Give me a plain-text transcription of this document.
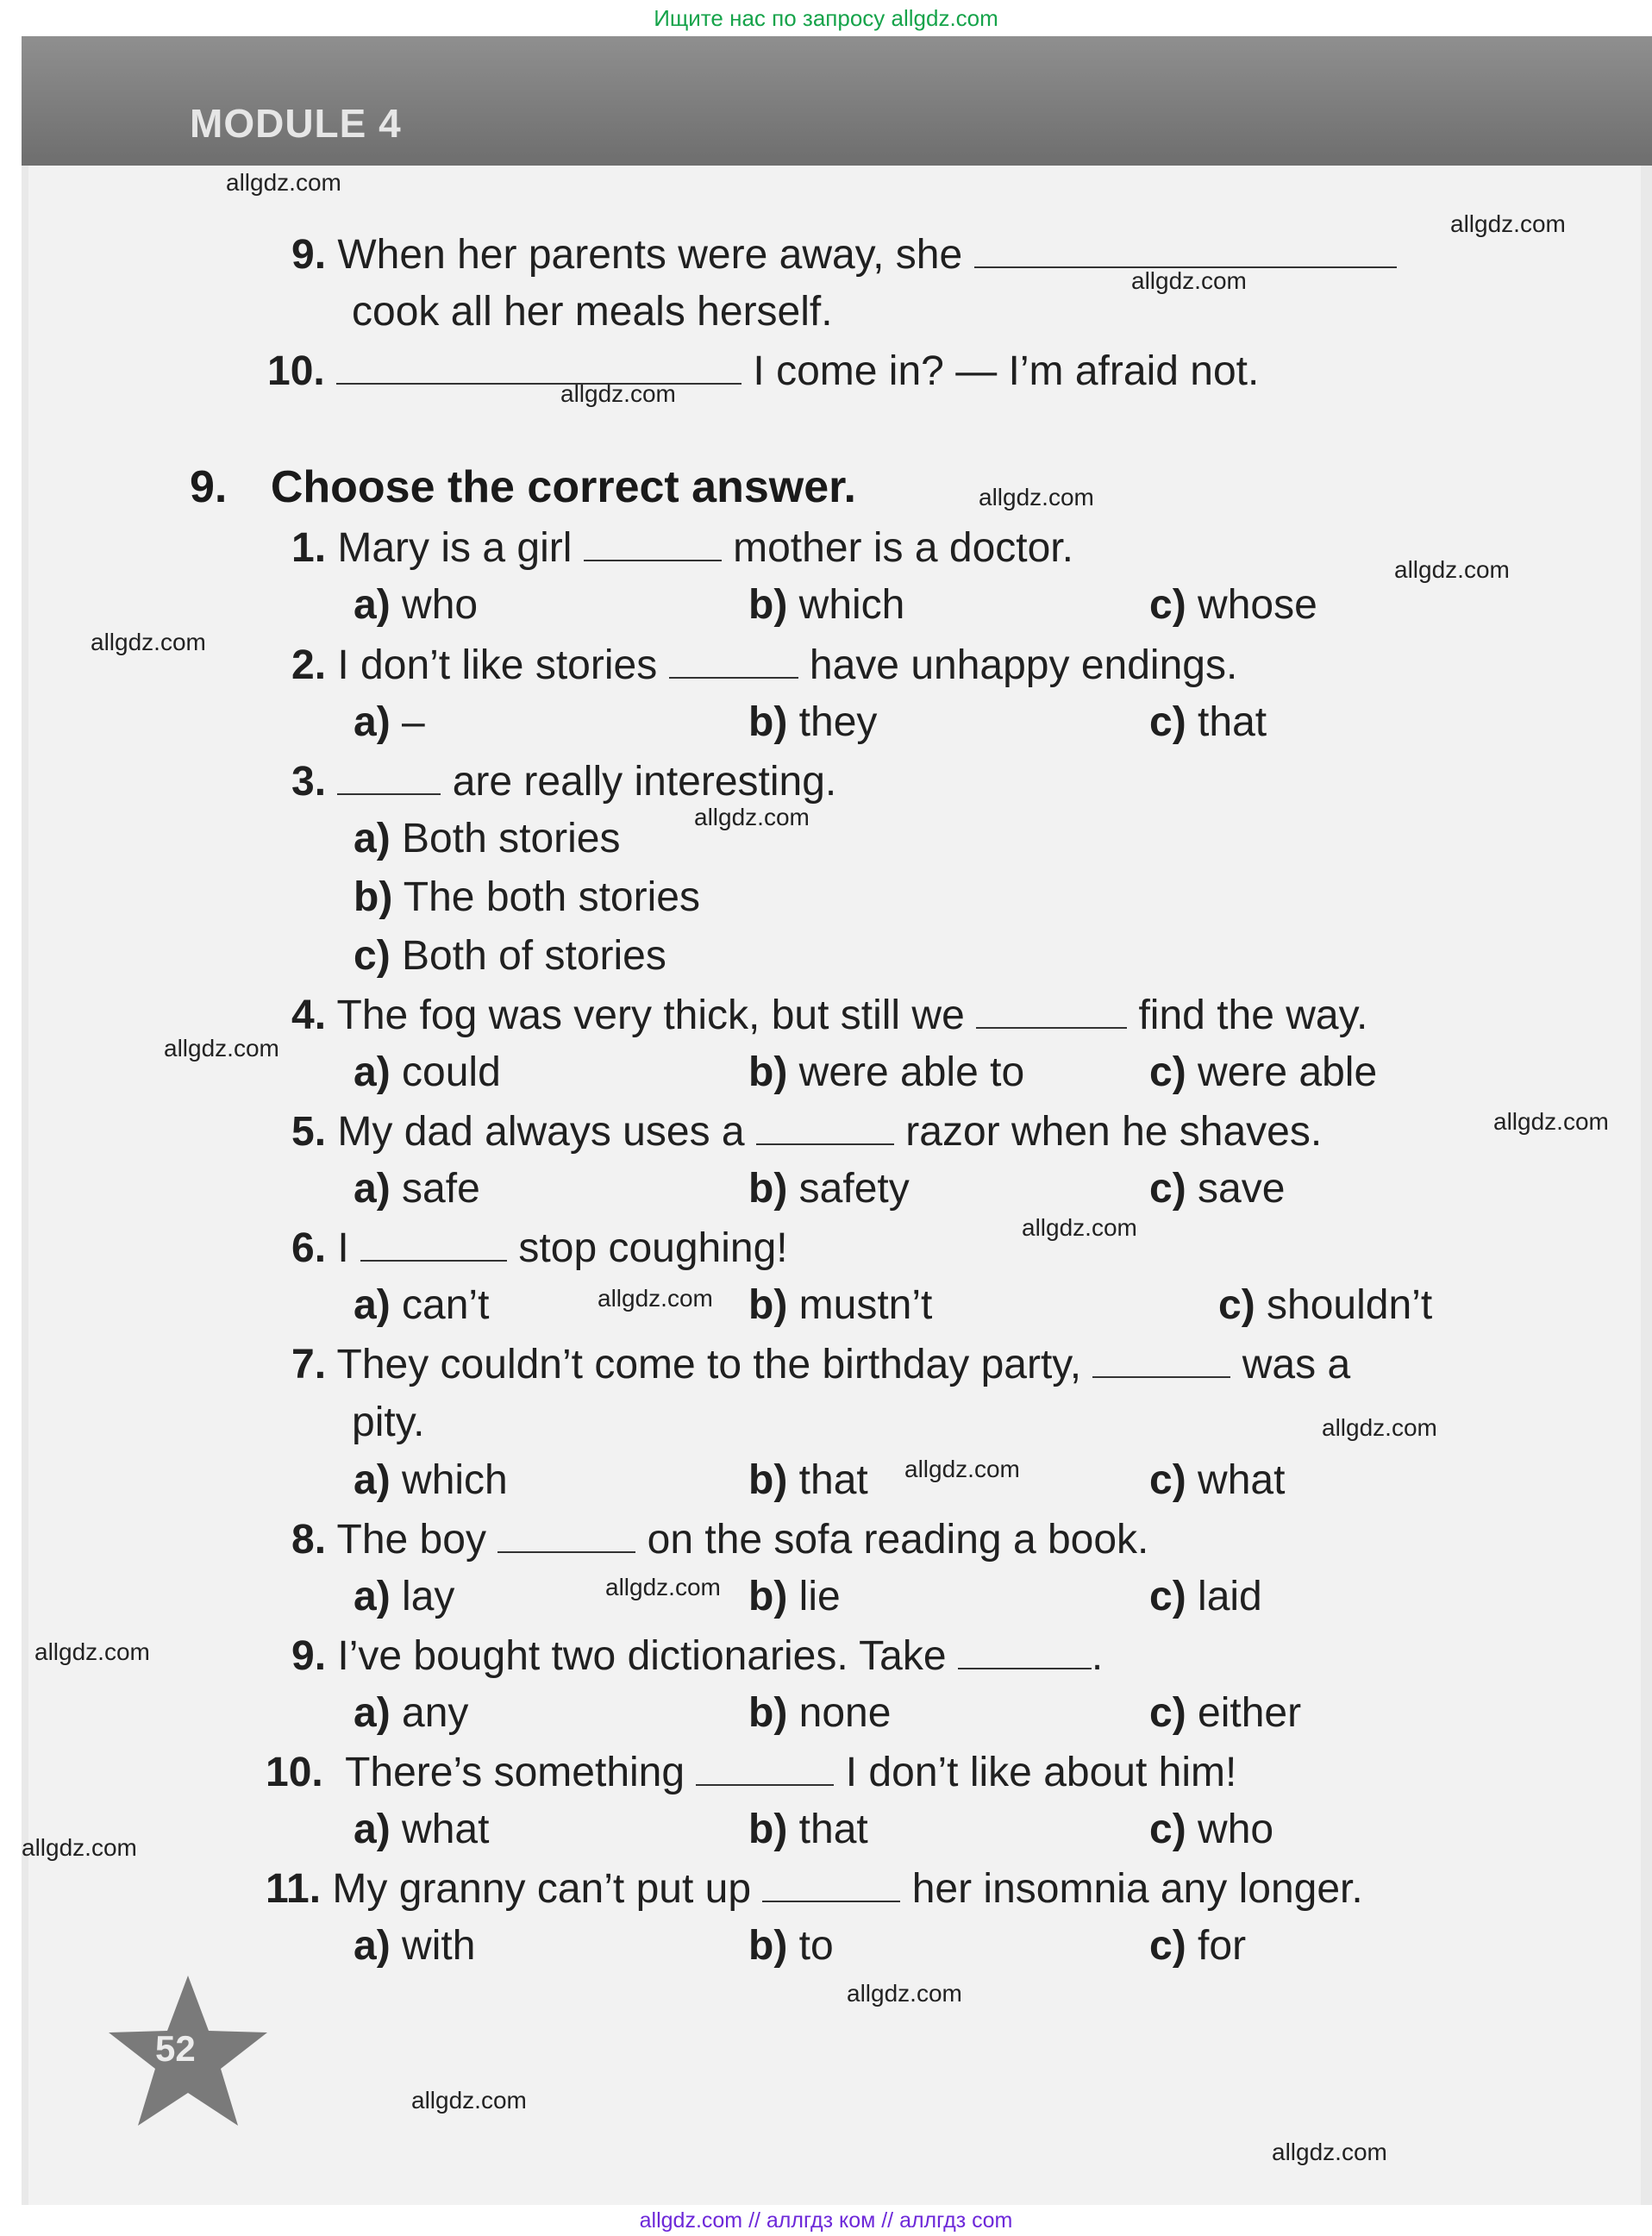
Ищите нас по запросу allgdz.com
MODULE 4

9. When her parents were away, she
cook all her meals herself.
10.	I come in? — I’m afraid not.
9. Choose the correct answer.
1. Mary is a girl	mother is a doctor.
a) who	b) which	c) whose
2. I don’t like stories	have unhappy endings.
a) –	b) they	c) that
3.	are really interesting.
a) Both stories
b) The both stories
c) Both of stories
4. The fog was very thick, but still we	find the way.
a) could	b) were able to	c) were able
5. My dad always uses a	razor when he shaves.
a) safe	b) safety	c) save
6. I	stop coughing!
a) can’t	b) mustn’t	c) shouldn’t
7. They couldn’t come to the birthday party,	was a
pity.
a) which	b) that	c) what
8. The boy	on the sofa reading a book.
a) lay	b) lie	c) laid
9. I’ve bought two dictionaries. Take	.
a) any	b) none	c) either
10. There’s something	I don’t like about him!
a) what	b) that	c) who
11. My granny can’t put up	her insomnia any longer.
a) with	b) to	c) for
52
allgdz.com
allgdz.com
allgdz.com
allgdz.com
allgdz.com
allgdz.com
allgdz.com
allgdz.com
allgdz.com
allgdz.com
allgdz.com
allgdz.com
allgdz.com
allgdz.com
allgdz.com
allgdz.com
allgdz.com
allgdz.com
allgdz.com
allgdz.com
allgdz.com // аллгдз ком // аллгдз com
